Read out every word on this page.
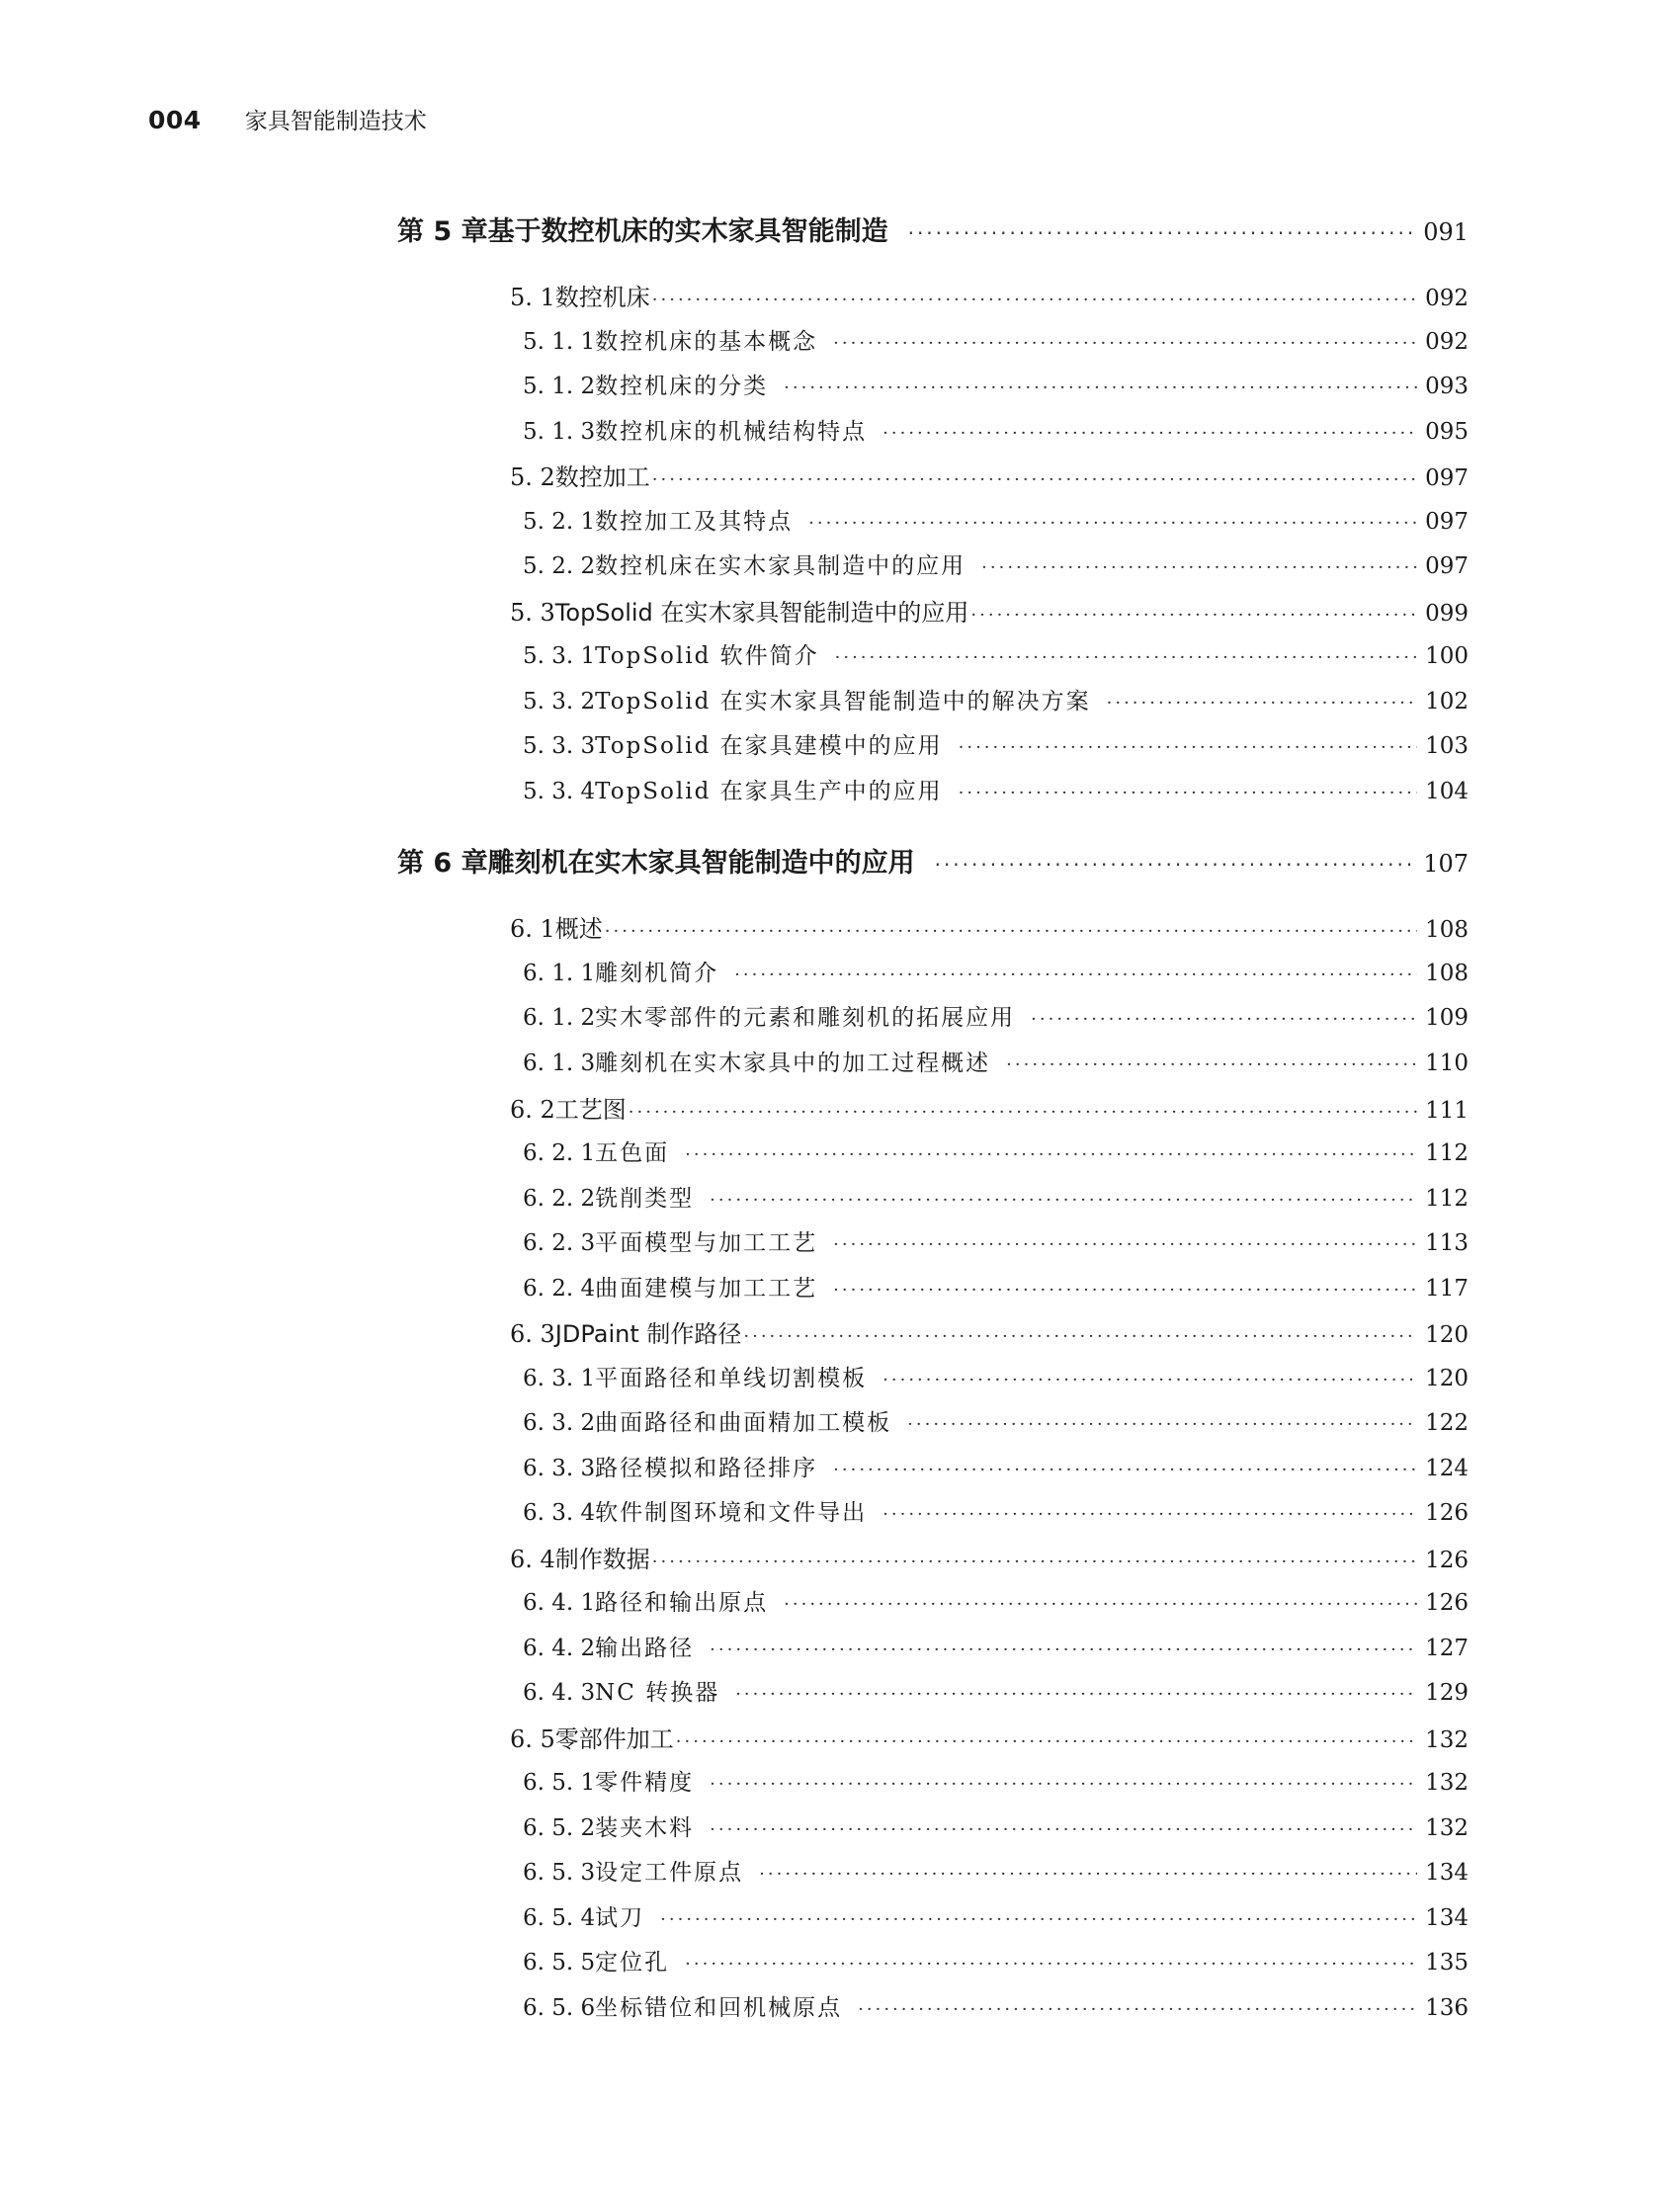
004 家具智能制造技术
第 5 章 基于数控机床的实木家具智能制造 ·····	091
5. 1 数控机床 ·····	092
5. 1. 1 数控机床的基本概念 ·····	092
5. 1. 2 数控机床的分类 ·····	093
5. 1. 3 数控机床的机械结构特点 ·····	095
5. 2 数控加工 ·····	097
5. 2. 1 数控加工及其特点 ·····	097
5. 2. 2 数控机床在实木家具制造中的应用 ·····	097
5. 3 TopSolid 在实木家具智能制造中的应用 ·····	099
5. 3. 1 TopSolid 软件简介 ·····	100
5. 3. 2 TopSolid 在实木家具智能制造中的解决方案 ·····	102
5. 3. 3 TopSolid 在家具建模中的应用 ·····	103
5. 3. 4 TopSolid 在家具生产中的应用 ·····	104
第 6 章 雕刻机在实木家具智能制造中的应用 ·····	107
6. 1 概述 ·····	108
6. 1. 1 雕刻机简介 ·····	108
6. 1. 2 实木零部件的元素和雕刻机的拓展应用 ·····	109
6. 1. 3 雕刻机在实木家具中的加工过程概述 ·····	110
6. 2 工艺图 ·····	111
6. 2. 1 五色面 ·····	112
6. 2. 2 铣削类型 ·····	112
6. 2. 3 平面模型与加工工艺 ·····	113
6. 2. 4 曲面建模与加工工艺 ·····	117
6. 3 JDPaint 制作路径 ·····	120
6. 3. 1 平面路径和单线切割模板 ·····	120
6. 3. 2 曲面路径和曲面精加工模板 ·····	122
6. 3. 3 路径模拟和路径排序 ·····	124
6. 3. 4 软件制图环境和文件导出 ·····	126
6. 4 制作数据 ·····	126
6. 4. 1 路径和输出原点 ·····	126
6. 4. 2 输出路径 ·····	127
6. 4. 3 NC 转换器 ·····	129
6. 5 零部件加工 ·····	132
6. 5. 1 零件精度 ·····	132
6. 5. 2 装夹木料 ·····	132
6. 5. 3 设定工件原点 ·····	134
6. 5. 4 试刀 ·····	134
6. 5. 5 定位孔 ·····	135
6. 5. 6 坐标错位和回机械原点 ·····	136
